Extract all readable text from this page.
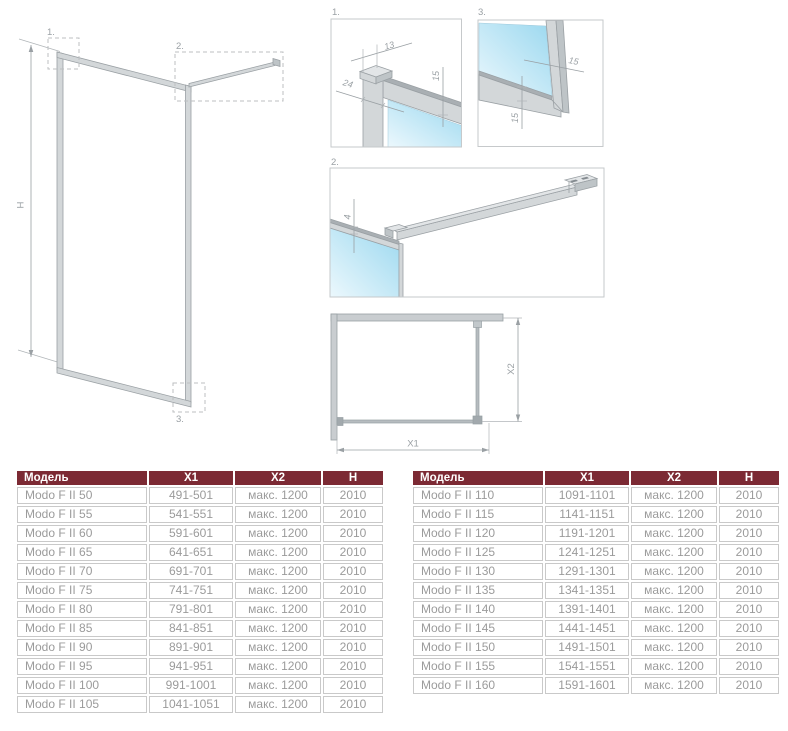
H
1.
2.
3.
1.
13
24
15
3.
15
15
2.
4
X2
X1
Модель	X1	X2	H
Modo F II 50	491-501	макс. 1200	2010
Modo F II 55	541-551	макс. 1200	2010
Modo F II 60	591-601	макс. 1200	2010
Modo F II 65	641-651	макс. 1200	2010
Modo F II 70	691-701	макс. 1200	2010
Modo F II 75	741-751	макс. 1200	2010
Modo F II 80	791-801	макс. 1200	2010
Modo F II 85	841-851	макс. 1200	2010
Modo F II 90	891-901	макс. 1200	2010
Modo F II 95	941-951	макс. 1200	2010
Modo F II 100	991-1001	макс. 1200	2010
Modo F II 105	1041-1051	макс. 1200	2010
Модель	X1	X2	H
Modo F II 110	1091-1101	макс. 1200	2010
Modo F II 115	1141-1151	макс. 1200	2010
Modo F II 120	1191-1201	макс. 1200	2010
Modo F II 125	1241-1251	макс. 1200	2010
Modo F II 130	1291-1301	макс. 1200	2010
Modo F II 135	1341-1351	макс. 1200	2010
Modo F II 140	1391-1401	макс. 1200	2010
Modo F II 145	1441-1451	макс. 1200	2010
Modo F II 150	1491-1501	макс. 1200	2010
Modo F II 155	1541-1551	макс. 1200	2010
Modo F II 160	1591-1601	макс. 1200	2010
